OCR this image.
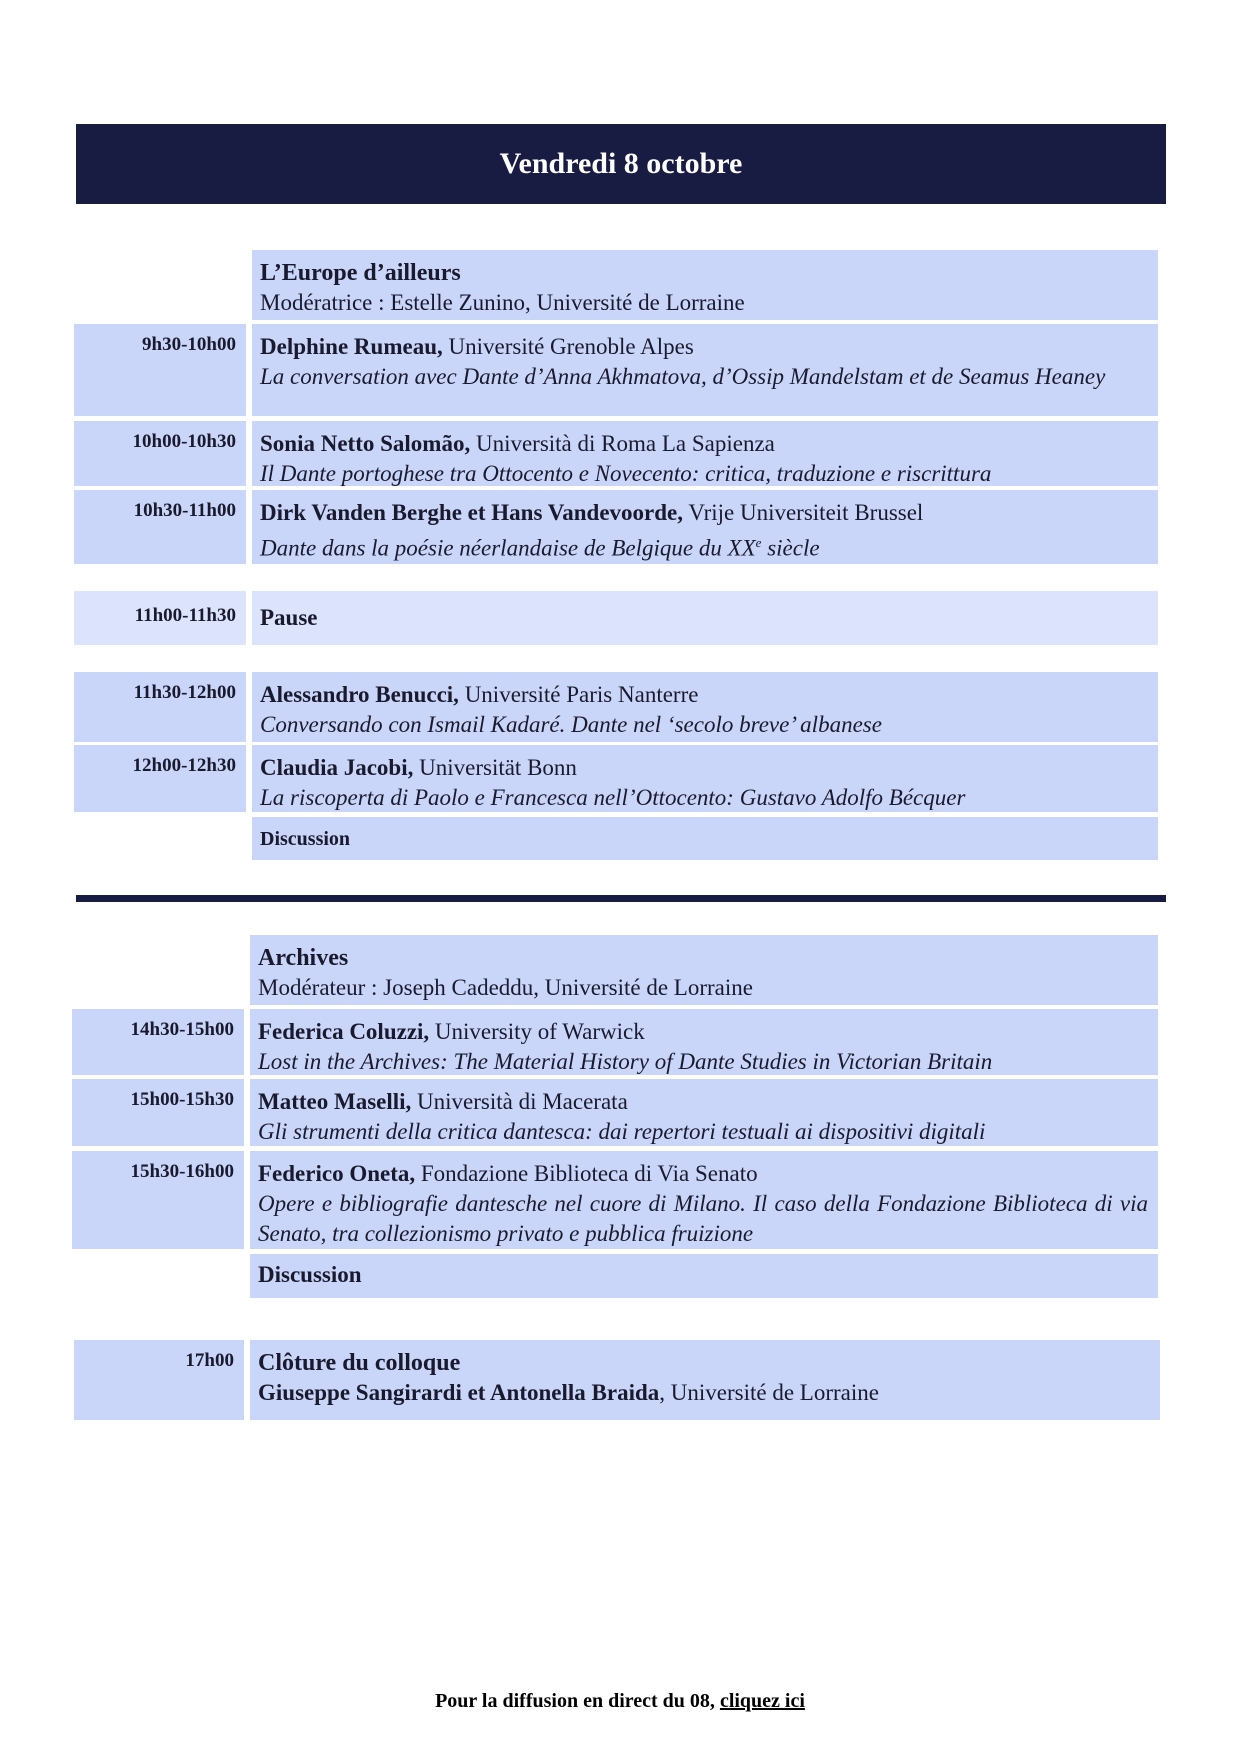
Vendredi 8 octobre
L’Europe d’ailleurs
Modératrice : Estelle Zunino, Université de Lorraine
9h30-10h00	Delphine Rumeau, Université Grenoble Alpes
La conversation avec Dante d’Anna Akhmatova, d’Ossip Mandelstam et de Seamus Heaney
10h00-10h30	Sonia Netto Salomão, Università di Roma La Sapienza
Il Dante portoghese tra Ottocento e Novecento: critica, traduzione e riscrittura
10h30-11h00	Dirk Vanden Berghe et Hans Vandevoorde, Vrije Universiteit Brussel
Dante dans la poésie néerlandaise de Belgique du XXe siècle
11h00-11h30	Pause
11h30-12h00	Alessandro Benucci, Université Paris Nanterre
Conversando con Ismail Kadaré. Dante nel ‘secolo breve’ albanese
12h00-12h30	Claudia Jacobi, Universität Bonn
La riscoperta di Paolo e Francesca nell’Ottocento: Gustavo Adolfo Bécquer
Discussion
Archives
Modérateur : Joseph Cadeddu, Université de Lorraine
14h30-15h00	Federica Coluzzi, University of Warwick
Lost in the Archives: The Material History of Dante Studies in Victorian Britain
15h00-15h30	Matteo Maselli, Università di Macerata
Gli strumenti della critica dantesca: dai repertori testuali ai dispositivi digitali
15h30-16h00	Federico Oneta, Fondazione Biblioteca di Via Senato
Opere e bibliografie dantesche nel cuore di Milano. Il caso della Fondazione Biblioteca di via Senato, tra collezionismo privato e pubblica fruizione
Discussion
17h00	Clôture du colloque
Giuseppe Sangirardi et Antonella Braida, Université de Lorraine
Pour la diffusion en direct du 08, cliquez ici
